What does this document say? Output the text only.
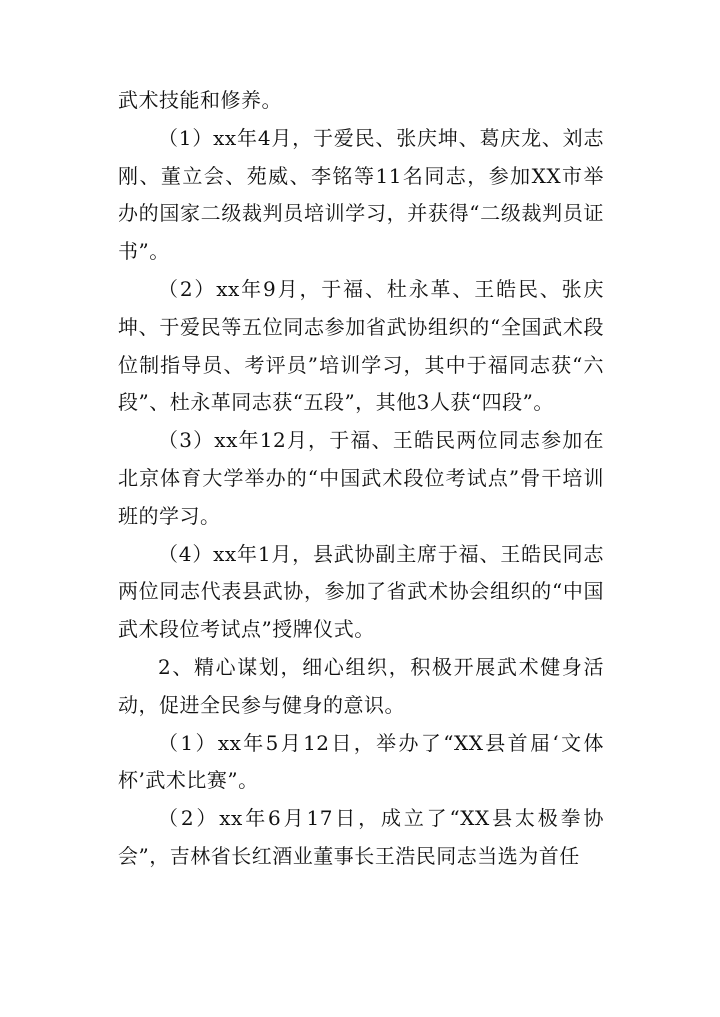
武术技能和修养。

（1）xx年4月，于爱民、张庆坤、葛庆龙、刘志刚、董立会、苑威、李铭等11名同志，参加XX市举办的国家二级裁判员培训学习，并获得“二级裁判员证书”。

（2）xx年9月，于福、杜永革、王皓民、张庆坤、于爱民等五位同志参加省武协组织的“全国武术段位制指导员、考评员”培训学习，其中于福同志获“六段”、杜永革同志获“五段”，其他3人获“四段”。

（3）xx年12月，于福、王皓民两位同志参加在北京体育大学举办的“中国武术段位考试点”骨干培训班的学习。

（4）xx年1月，县武协副主席于福、王皓民同志两位同志代表县武协，参加了省武术协会组织的“中国武术段位考试点”授牌仪式。

2、精心谋划，细心组织，积极开展武术健身活动，促进全民参与健身的意识。

（1）xx年5月12日，举办了“XX县首届‘文体杯’武术比赛”。

（2）xx年6月17日，成立了“XX县太极拳协会”，吉林省长红酒业董事长王浩民同志当选为首任
